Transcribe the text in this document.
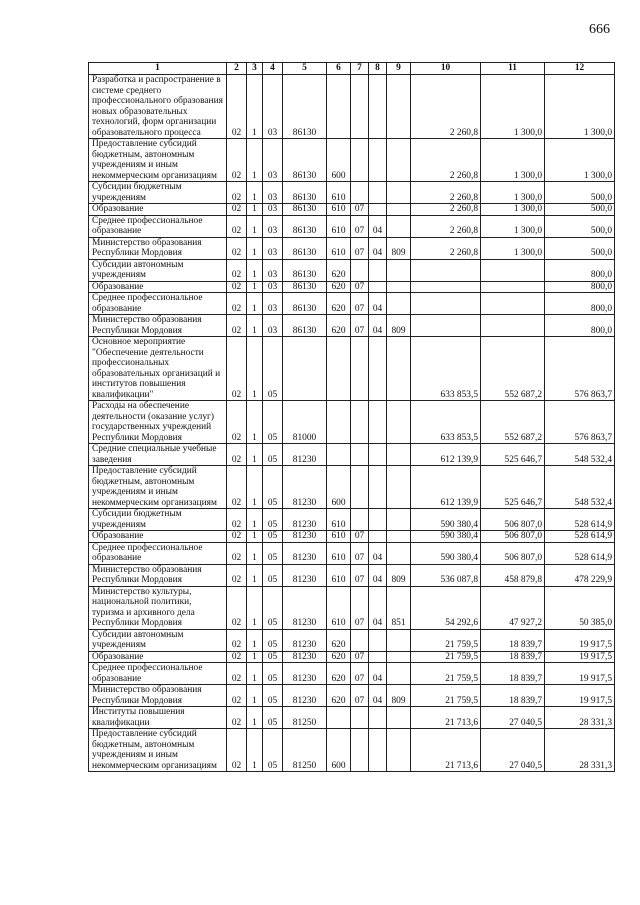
666
1	2	3	4	5	6	7	8	9	10	11	12
Разработка и распространение в системе среднего профессионального образования новых образовательных технологий, форм организации образовательного процесса	02	1	03	86130					2 260,8	1 300,0	1 300,0
Предоставление субсидий бюджетным, автономным учреждениям и иным некоммерческим организациям	02	1	03	86130	600				2 260,8	1 300,0	1 300,0
Субсидии бюджетным учреждениям	02	1	03	86130	610				2 260,8	1 300,0	500,0
Образование	02	1	03	86130	610	07			2 260,8	1 300,0	500,0
Среднее профессиональное образование	02	1	03	86130	610	07	04		2 260,8	1 300,0	500,0
Министерство образования Республики Мордовия	02	1	03	86130	610	07	04	809	2 260,8	1 300,0	500,0
Субсидии автономным учреждениям	02	1	03	86130	620						800,0
Образование	02	1	03	86130	620	07					800,0
Среднее профессиональное образование	02	1	03	86130	620	07	04				800,0
Министерство образования Республики Мордовия	02	1	03	86130	620	07	04	809			800,0
Основное мероприятие "Обеспечение деятельности профессиональных образовательных организаций и институтов повышения квалификации"	02	1	05						633 853,5	552 687,2	576 863,7
Расходы на обеспечение деятельности (оказание услуг) государственных учреждений Республики Мордовия	02	1	05	81000					633 853,5	552 687,2	576 863,7
Средние специальные учебные заведения	02	1	05	81230					612 139,9	525 646,7	548 532,4
Предоставление субсидий бюджетным, автономным учреждениям и иным некоммерческим организациям	02	1	05	81230	600				612 139,9	525 646,7	548 532,4
Субсидии бюджетным учреждениям	02	1	05	81230	610				590 380,4	506 807,0	528 614,9
Образование	02	1	05	81230	610	07			590 380,4	506 807,0	528 614,9
Среднее профессиональное образование	02	1	05	81230	610	07	04		590 380,4	506 807,0	528 614,9
Министерство образования Республики Мордовия	02	1	05	81230	610	07	04	809	536 087,8	458 879,8	478 229,9
Министерство культуры, национальной политики, туризма и архивного дела Республики Мордовия	02	1	05	81230	610	07	04	851	54 292,6	47 927,2	50 385,0
Субсидии автономным учреждениям	02	1	05	81230	620				21 759,5	18 839,7	19 917,5
Образование	02	1	05	81230	620	07			21 759,5	18 839,7	19 917,5
Среднее профессиональное образование	02	1	05	81230	620	07	04		21 759,5	18 839,7	19 917,5
Министерство образования Республики Мордовия	02	1	05	81230	620	07	04	809	21 759,5	18 839,7	19 917,5
Институты повышения квалификации	02	1	05	81250					21 713,6	27 040,5	28 331,3
Предоставление субсидий бюджетным, автономным учреждениям и иным некоммерческим организациям	02	1	05	81250	600				21 713,6	27 040,5	28 331,3
